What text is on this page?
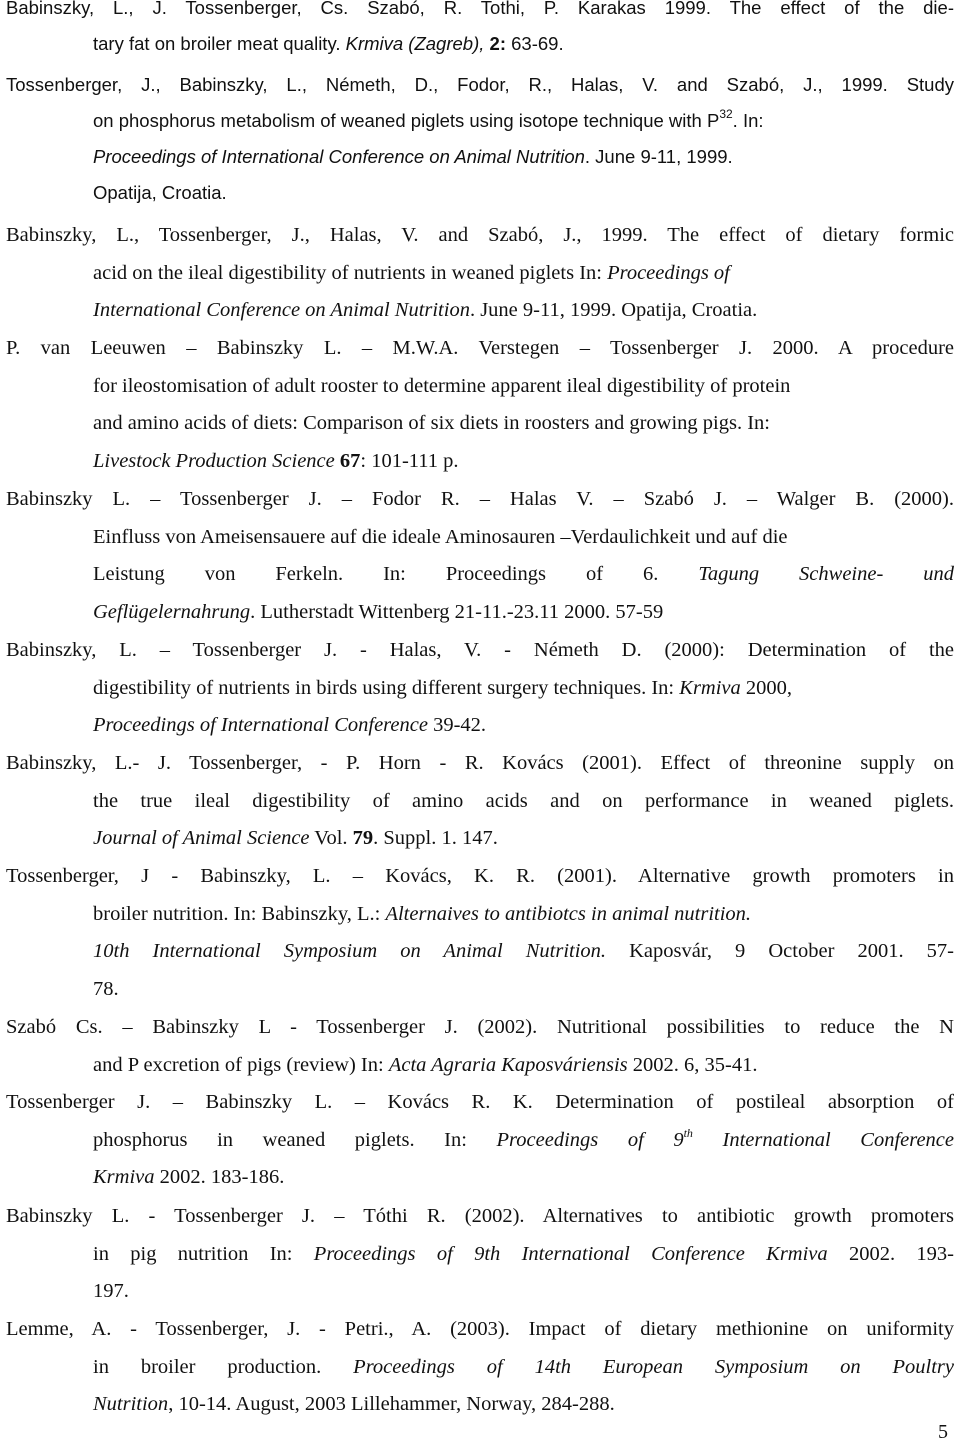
Babinszky, L., J. Tossenberger, Cs. Szabó, R. Tothi, P. Karakas 1999. The effect of the die-
tary fat on broiler meat quality. Krmiva (Zagreb), 2: 63-69.

Tossenberger, J., Babinszky, L., Németh, D., Fodor, R., Halas, V. and Szabó, J., 1999. Study
on phosphorus metabolism of weaned piglets using isotope technique with $P^{32}$. In:
Proceedings of International Conference on Animal Nutrition. June 9-11, 1999.
Opatija, Croatia.

Babinszky, L., Tossenberger, J., Halas, V. and Szabó, J., 1999. The effect of dietary formic
acid on the ileal digestibility of nutrients in weaned piglets In: Proceedings of
International Conference on Animal Nutrition. June 9-11, 1999. Opatija, Croatia.

P. van Leeuwen – Babinszky L. – M.W.A. Verstegen – Tossenberger J. 2000. A procedure
for ileostomisation of adult rooster to determine apparent ileal digestibility of protein
and amino acids of diets: Comparison of six diets in roosters and growing pigs. In:
Livestock Production Science 67: 101-111 p.

Babinszky L. – Tossenberger J. – Fodor R. – Halas V. – Szabó J. – Walger B. (2000).
Einfluss von Ameisensauere auf die ideale Aminosauren –Verdaulichkeit und auf die
Leistung von Ferkeln. In: Proceedings of 6. Tagung Schweine- und
Geflügelernahrung. Lutherstadt Wittenberg 21-11.-23.11 2000. 57-59

Babinszky, L. – Tossenberger J. - Halas, V. - Németh D. (2000): Determination of the
digestibility of nutrients in birds using different surgery techniques. In: Krmiva 2000,
Proceedings of International Conference 39-42.

Babinszky, L.- J. Tossenberger, - P. Horn - R. Kovács (2001). Effect of threonine supply on
the true ileal digestibility of amino acids and on performance in weaned piglets.
Journal of Animal Science Vol. 79. Suppl. 1. 147.

Tossenberger, J - Babinszky, L. – Kovács, K. R. (2001). Alternative growth promoters in
broiler nutrition. In: Babinszky, L.: Alternaives to antibiotcs in animal nutrition.
10th International Symposium on Animal Nutrition. Kaposvár, 9 October 2001. 57-
78.

Szabó Cs. – Babinszky L - Tossenberger J. (2002). Nutritional possibilities to reduce the N
and P excretion of pigs (review) In: Acta Agraria Kaposváriensis 2002. 6, 35-41.

Tossenberger J. – Babinszky L. – Kovács R. K. Determination of postileal absorption of
phosphorus in weaned piglets. In: Proceedings of 9th International Conference
Krmiva 2002. 183-186.

Babinszky L. - Tossenberger J. – Tóthi R. (2002). Alternatives to antibiotic growth promoters
in pig nutrition In: Proceedings of 9th International Conference Krmiva 2002. 193-
197.

Lemme, A. - Tossenberger, J. - Petri., A. (2003). Impact of dietary methionine on uniformity
in broiler production. Proceedings of 14th European Symposium on Poultry
Nutrition, 10-14. August, 2003 Lillehammer, Norway, 284-288.

5
